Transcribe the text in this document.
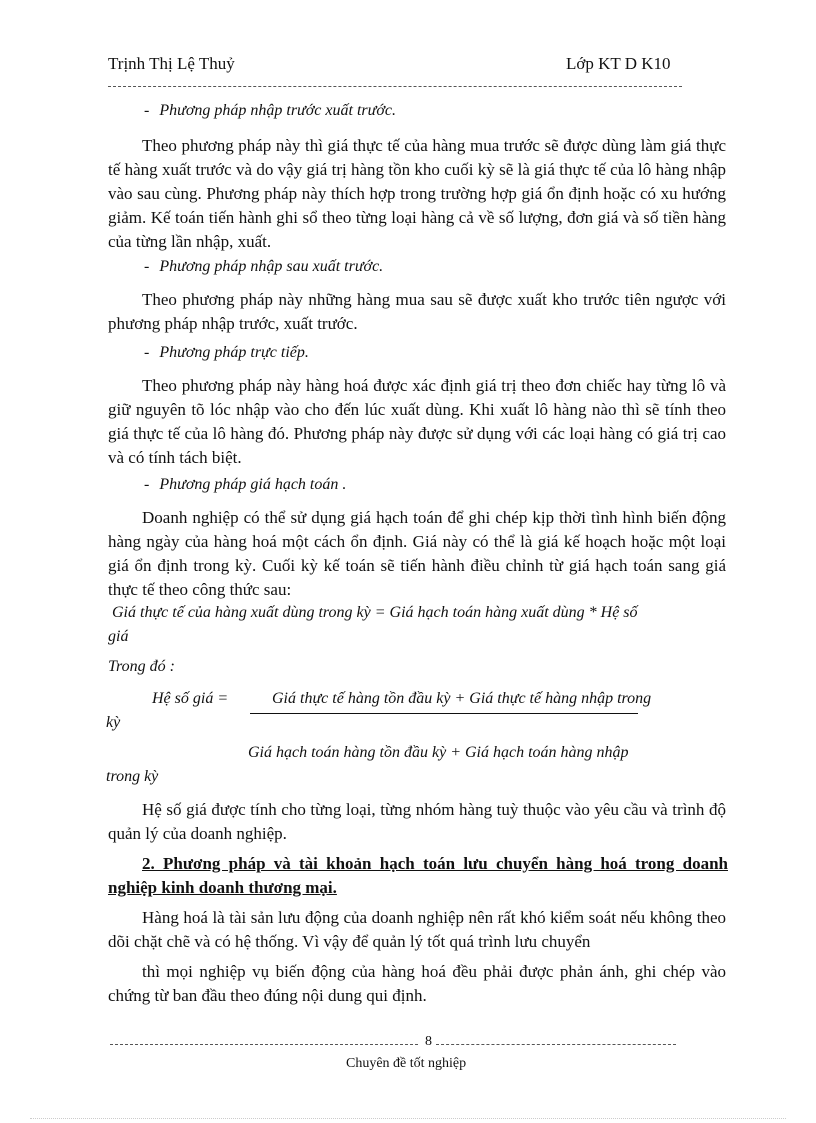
Trịnh Thị Lệ Thuỷ	Lớp KT D K10
- Phương pháp nhập trước xuất trước.
Theo phương pháp này thì giá thực tế của hàng mua trước sẽ được dùng làm giá thực tế hàng xuất trước và do vậy giá trị hàng tồn kho cuối kỳ sẽ là giá thực tế của lô hàng nhập vào sau cùng. Phương pháp này thích hợp trong trường hợp giá ổn định hoặc có xu hướng giảm. Kế toán tiến hành ghi sổ theo từng loại hàng cả về số lượng, đơn giá và số tiền hàng của từng lần nhập, xuất.
- Phương pháp nhập sau xuất trước.
Theo phương pháp này những hàng mua sau sẽ được xuất kho trước tiên ngược với phương pháp nhập trước, xuất trước.
- Phương pháp trực tiếp.
Theo phương pháp này hàng hoá được xác định giá trị theo đơn chiếc hay từng lô và giữ nguyên tõ lóc nhập vào cho đến lúc xuất dùng. Khi xuất lô hàng nào thì sẽ tính theo giá thực tế của lô hàng đó. Phương pháp này được sử dụng với các loại hàng có giá trị cao và có tính tách biệt.
- Phương pháp giá hạch toán .
Doanh nghiệp có thể sử dụng giá hạch toán để ghi chép kịp thời tình hình biến động hàng ngày của hàng hoá một cách ổn định. Giá này có thể là giá kế hoạch hoặc một loại giá ổn định trong kỳ. Cuối kỳ kế toán sẽ tiến hành điều chỉnh từ giá hạch toán sang giá thực tế theo công thức sau:
Giá thực tế của hàng xuất dùng trong kỳ = Giá hạch toán hàng xuất dùng * Hệ số
giá
Trong đó :
Hệ số giá =	Giá thực tế hàng tồn đầu kỳ + Giá thực tế hàng nhập trong
kỳ
Giá hạch toán hàng tồn đầu kỳ + Giá hạch toán hàng nhập
trong kỳ
Hệ số giá được tính cho từng loại, từng nhóm hàng tuỳ thuộc vào yêu cầu và trình độ quản lý của doanh nghiệp.
2. Phương pháp và tài khoản hạch toán lưu chuyển hàng hoá trong doanh nghiệp kinh doanh thương mại.
Hàng hoá là tài sản lưu động của doanh nghiệp nên rất khó kiểm soát nếu không theo dõi chặt chẽ và có hệ thống. Vì vậy để quản lý tốt quá trình lưu chuyển
thì mọi nghiệp vụ biến động của hàng hoá đều phải được phản ánh, ghi chép vào chứng từ ban đầu theo đúng nội dung qui định.
8
Chuyên đề tốt nghiệp
